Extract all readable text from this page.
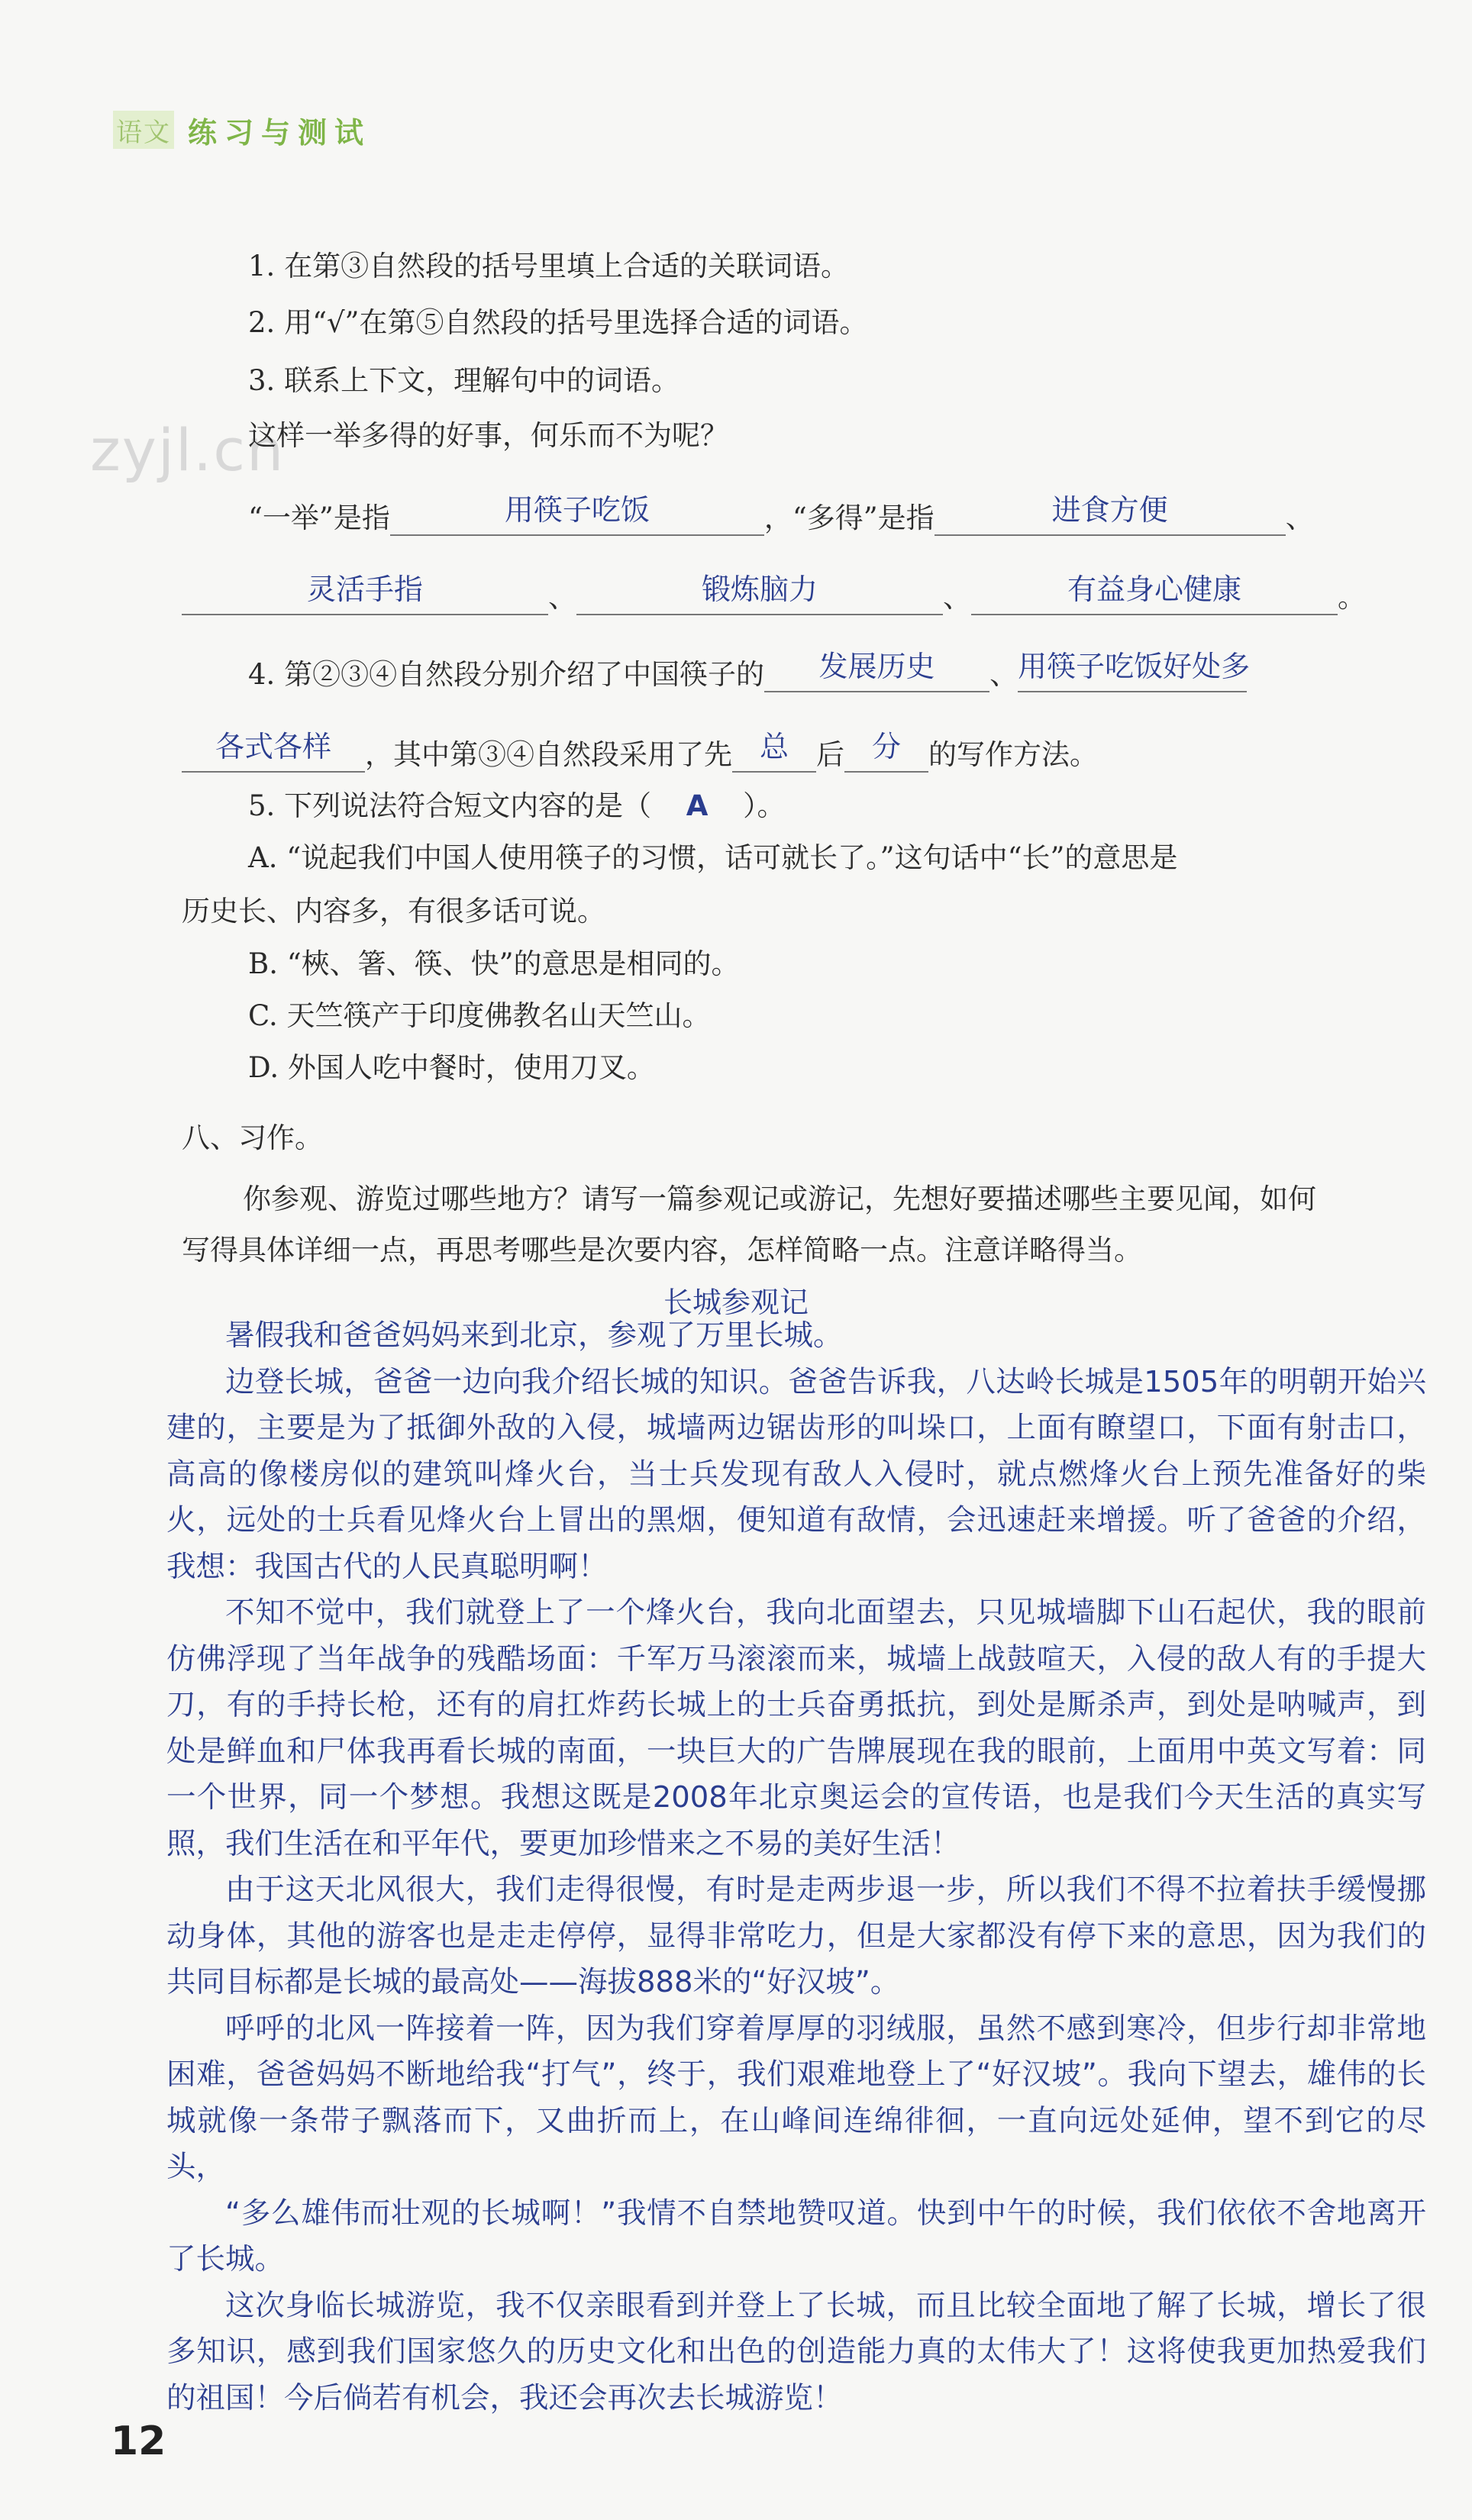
语文 练习与测试
zyjl.cn
1. 在第③自然段的括号里填上合适的关联词语。
2. 用“√”在第⑤自然段的括号里选择合适的词语。
3. 联系上下文，理解句中的词语。
这样一举多得的好事，何乐而不为呢？
“一举”是指	用筷子吃饭	，“多得”是指	进食方便	、
灵活手指	、	锻炼脑力	、	有益身心健康	。
4. 第②③④自然段分别介绍了中国筷子的	发展历史	、 用筷子吃饭好处多

各式各样	，其中第③④自然段采用了先 总 后 分 的写作方法。
5. 下列说法符合短文内容的是（ A ）。
A. “说起我们中国人使用筷子的习惯，话可就长了。”这句话中“长”的意思是
历史长、内容多，有很多话可说。
B. “梜、箸、筷、快”的意思是相同的。
C. 天竺筷产于印度佛教名山天竺山。
D. 外国人吃中餐时，使用刀叉。
八、习作。
你参观、游览过哪些地方？请写一篇参观记或游记，先想好要描述哪些主要见闻，如何
写得具体详细一点，再思考哪些是次要内容，怎样简略一点。注意详略得当。
长城参观记

暑假我和爸爸妈妈来到北京，参观了万里长城。

边登长城，爸爸一边向我介绍长城的知识。爸爸告诉我，八达岭长城是1505年的明朝开始兴建的，主要是为了抵御外敌的入侵，城墙两边锯齿形的叫垛口，上面有瞭望口，下面有射击口，高高的像楼房似的建筑叫烽火台，当士兵发现有敌人入侵时，就点燃烽火台上预先准备好的柴火，远处的士兵看见烽火台上冒出的黑烟，便知道有敌情，会迅速赶来增援。听了爸爸的介绍，我想：我国古代的人民真聪明啊！

不知不觉中，我们就登上了一个烽火台，我向北面望去，只见城墙脚下山石起伏，我的眼前仿佛浮现了当年战争的残酷场面：千军万马滚滚而来，城墙上战鼓喧天，入侵的敌人有的手提大刀，有的手持长枪，还有的肩扛炸药长城上的士兵奋勇抵抗，到处是厮杀声，到处是呐喊声，到处是鲜血和尸体我再看长城的南面，一块巨大的广告牌展现在我的眼前，上面用中英文写着：同一个世界，同一个梦想。我想这既是2008年北京奥运会的宣传语，也是我们今天生活的真实写照，我们生活在和平年代，要更加珍惜来之不易的美好生活！

由于这天北风很大，我们走得很慢，有时是走两步退一步，所以我们不得不拉着扶手缓慢挪动身体，其他的游客也是走走停停，显得非常吃力，但是大家都没有停下来的意思，因为我们的共同目标都是长城的最高处——海拔888米的“好汉坡”。

呼呼的北风一阵接着一阵，因为我们穿着厚厚的羽绒服，虽然不感到寒冷，但步行却非常地困难，爸爸妈妈不断地给我“打气”，终于，我们艰难地登上了“好汉坡”。我向下望去，雄伟的长城就像一条带子飘落而下，又曲折而上，在山峰间连绵徘徊，一直向远处延伸，望不到它的尽头，

“多么雄伟而壮观的长城啊！”我情不自禁地赞叹道。快到中午的时候，我们依依不舍地离开了长城。

这次身临长城游览，我不仅亲眼看到并登上了长城，而且比较全面地了解了长城，增长了很多知识，感到我们国家悠久的历史文化和出色的创造能力真的太伟大了！这将使我更加热爱我们的祖国！今后倘若有机会，我还会再次去长城游览！

12
